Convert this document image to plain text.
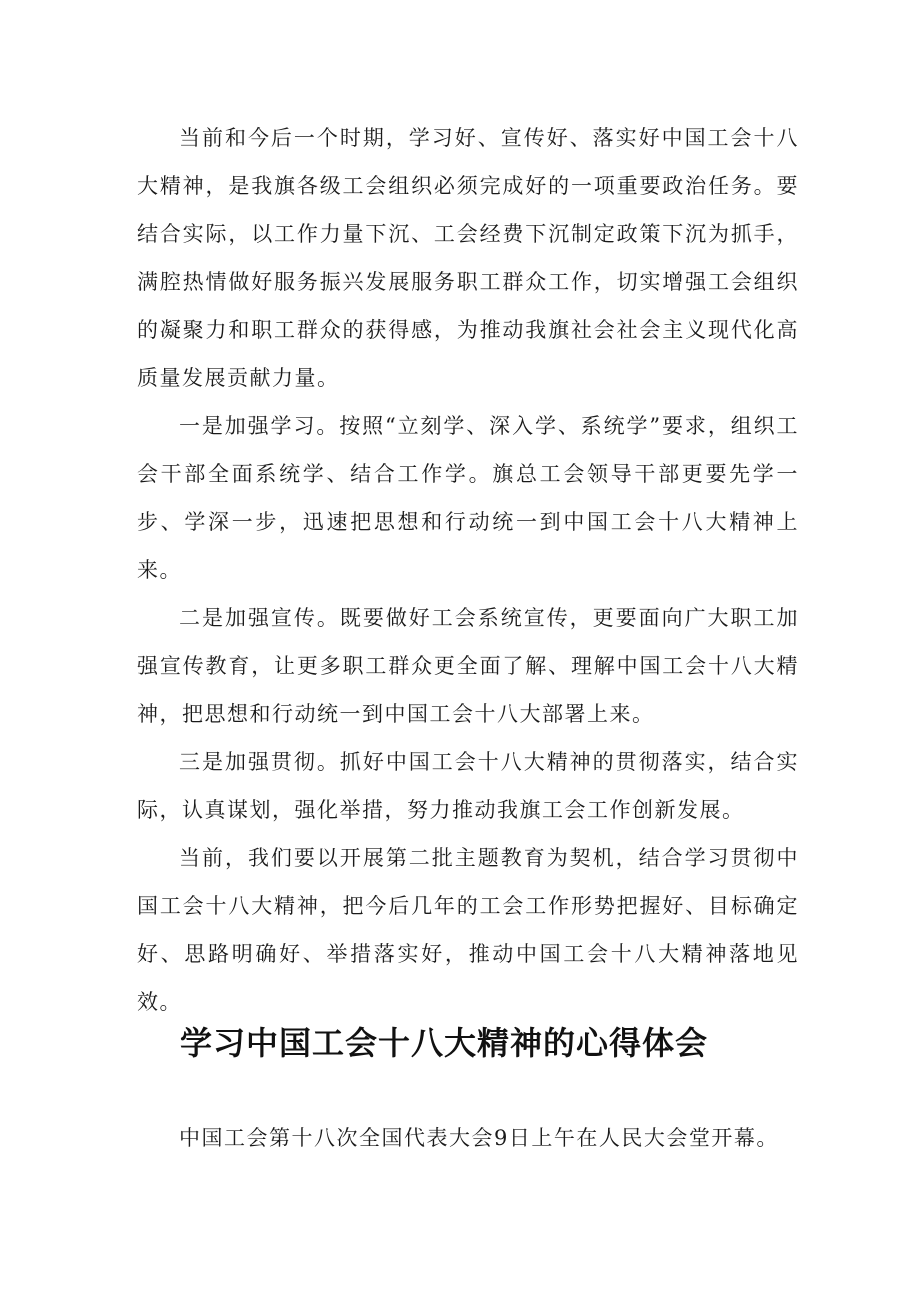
当前和今后一个时期，学习好、宣传好、落实好中国工会十八大精神，是我旗各级工会组织必须完成好的一项重要政治任务。要结合实际，以工作力量下沉、工会经费下沉制定政策下沉为抓手，满腔热情做好服务振兴发展服务职工群众工作，切实增强工会组织的凝聚力和职工群众的获得感，为推动我旗社会社会主义现代化高质量发展贡献力量。

一是加强学习。按照“立刻学、深入学、系统学”要求，组织工会干部全面系统学、结合工作学。旗总工会领导干部更要先学一步、学深一步，迅速把思想和行动统一到中国工会十八大精神上来。

二是加强宣传。既要做好工会系统宣传，更要面向广大职工加强宣传教育，让更多职工群众更全面了解、理解中国工会十八大精神，把思想和行动统一到中国工会十八大部署上来。

三是加强贯彻。抓好中国工会十八大精神的贯彻落实，结合实际，认真谋划，强化举措，努力推动我旗工会工作创新发展。

当前，我们要以开展第二批主题教育为契机，结合学习贯彻中国工会十八大精神，把今后几年的工会工作形势把握好、目标确定好、思路明确好、举措落实好，推动中国工会十八大精神落地见效。

学习中国工会十八大精神的心得体会

中国工会第十八次全国代表大会9日上午在人民大会堂开幕。
